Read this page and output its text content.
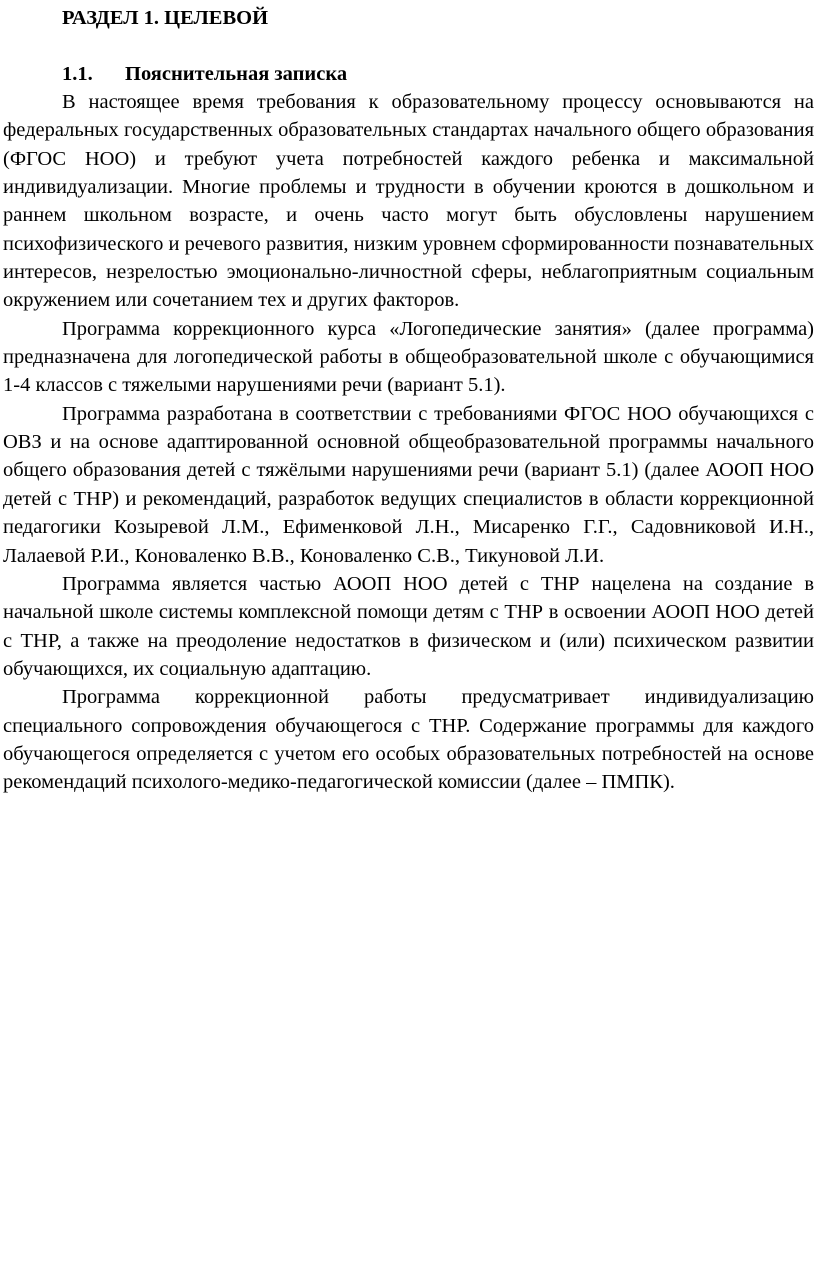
РАЗДЕЛ 1. ЦЕЛЕВОЙ
1.1.	Пояснительная записка

В настоящее время требования к образовательному процессу основываются на федеральных государственных образовательных стандартах начального общего образования (ФГОС НОО) и требуют учета потребностей каждого ребенка и максимальной индивидуализации. Многие проблемы и трудности в обучении кроются в дошкольном и раннем школьном возрасте, и очень часто могут быть обусловлены нарушением психофизического и речевого развития, низким уровнем сформированности познавательных интересов, незрелостью эмоционально-личностной сферы, неблагоприятным социальным окружением или сочетанием тех и других факторов.

Программа коррекционного курса «Логопедические занятия» (далее программа) предназначена для логопедической работы в общеобразовательной школе с обучающимися 1-4 классов с тяжелыми нарушениями речи (вариант 5.1).

Программа разработана в соответствии с требованиями ФГОС НОО обучающихся с ОВЗ и на основе адаптированной основной общеобразовательной программы начального общего образования детей с тяжёлыми нарушениями речи (вариант 5.1) (далее АООП НОО детей с ТНР) и рекомендаций, разработок ведущих специалистов в области коррекционной педагогики Козыревой Л.М., Ефименковой Л.Н., Мисаренко Г.Г., Садовниковой И.Н., Лалаевой Р.И., Коноваленко В.В., Коноваленко С.В., Тикуновой Л.И.

Программа является частью АООП НОО детей с ТНР нацелена на создание в начальной школе системы комплексной помощи детям с ТНР в освоении АООП НОО детей с ТНР, а также на преодоление недостатков в физическом и (или) психическом развитии обучающихся, их социальную адаптацию.

Программа коррекционной работы предусматривает индивидуализацию специального сопровождения обучающегося с ТНР. Содержание программы для каждого обучающегося определяется с учетом его особых образовательных потребностей на основе рекомендаций психолого-медико-педагогической комиссии (далее – ПМПК).
